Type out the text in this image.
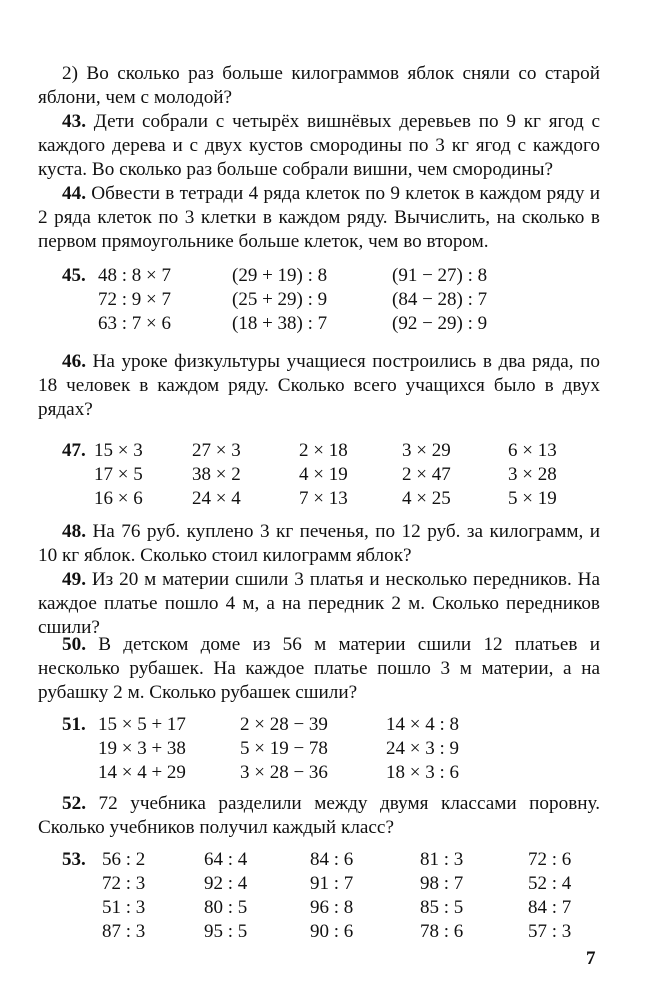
2) Во сколько раз больше килограммов яблок сняли со старой яблони, чем с молодой?
43. Дети собрали с четырёх вишнёвых деревьев по 9 кг ягод с каждого дерева и с двух кустов смородины по 3 кг ягод с каждого куста. Во сколько раз больше собрали вишни, чем смородины?
44. Обвести в тетради 4 ряда клеток по 9 клеток в каждом ряду и 2 ряда клеток по 3 клетки в каждом ряду. Вычислить, на сколько в первом прямоугольнике больше клеток, чем во втором.
45. 48 : 8 × 7
72 : 9 × 7
63 : 7 × 6
(29 + 19) : 8
(25 + 29) : 9
(18 + 38) : 7
(91 − 27) : 8
(84 − 28) : 7
(92 − 29) : 9
46. На уроке физкультуры учащиеся построились в два ряда, по 18 человек в каждом ряду. Сколько всего учащихся было в двух рядах?
47. 15 × 3
17 × 5
16 × 6
27 × 3
38 × 2
24 × 4
2 × 18
4 × 19
7 × 13
3 × 29
2 × 47
4 × 25
6 × 13
3 × 28
5 × 19
48. На 76 руб. куплено 3 кг печенья, по 12 руб. за килограмм, и 10 кг яблок. Сколько стоил килограмм яблок?
49. Из 20 м материи сшили 3 платья и несколько передников. На каждое платье пошло 4 м, а на передник 2 м. Сколько передников сшили?
50. В детском доме из 56 м материи сшили 12 платьев и несколько рубашек. На каждое платье пошло 3 м материи, а на рубашку 2 м. Сколько рубашек сшили?
51. 15 × 5 + 17
19 × 3 + 38
14 × 4 + 29
2 × 28 − 39
5 × 19 − 78
3 × 28 − 36
14 × 4 : 8
24 × 3 : 9
18 × 3 : 6
52. 72 учебника разделили между двумя классами поровну. Сколько учебников получил каждый класс?
53. 56 : 2
72 : 3
51 : 3
87 : 3
64 : 4
92 : 4
80 : 5
95 : 5
84 : 6
91 : 7
96 : 8
90 : 6
81 : 3
98 : 7
85 : 5
78 : 6
72 : 6
52 : 4
84 : 7
57 : 3
7
